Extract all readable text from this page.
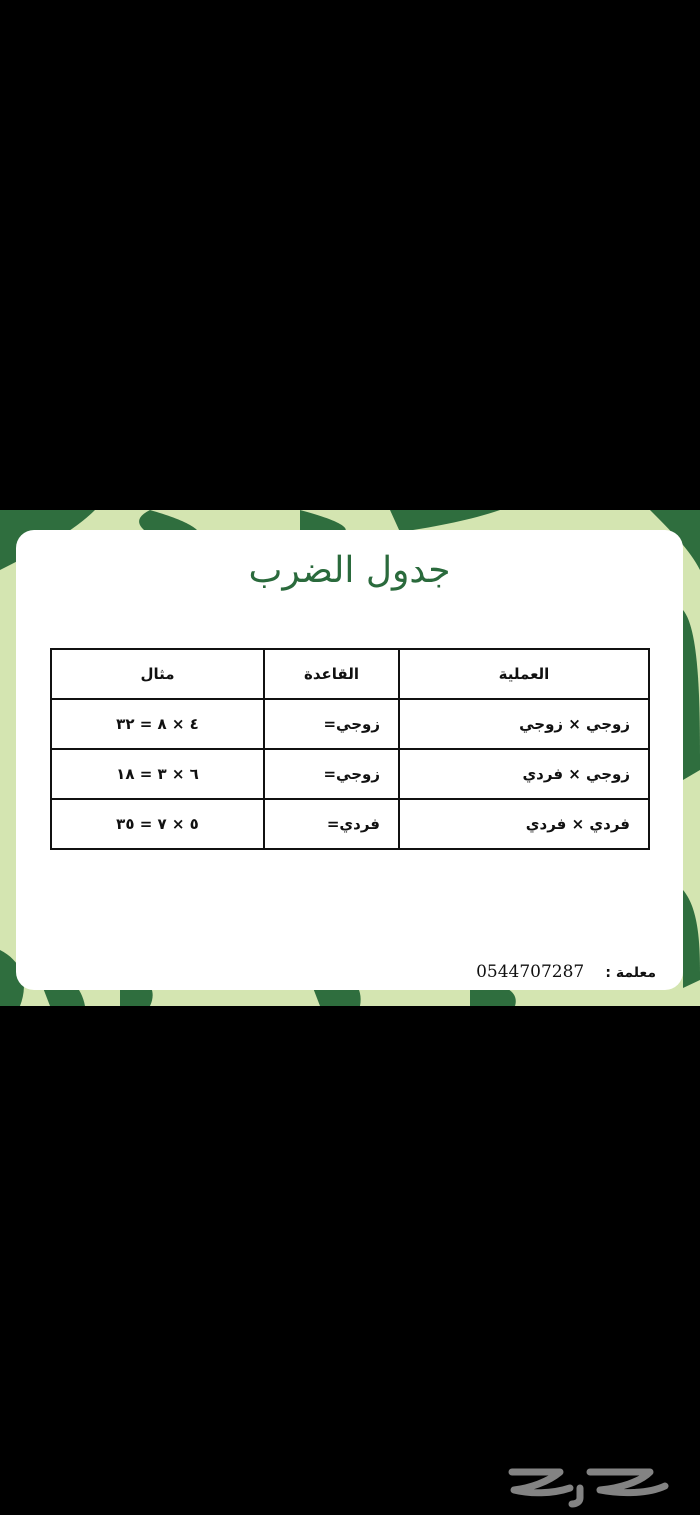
جدول الضرب
العملية	القاعدة	مثال
زوجي × زوجي	زوجي=	٤ × ٨ = ٣٢
زوجي × فردي	زوجي=	٦ × ٣ = ١٨
فردي × فردي	فردي=	٥ × ٧ = ٣٥
معلمة : 0544707287
